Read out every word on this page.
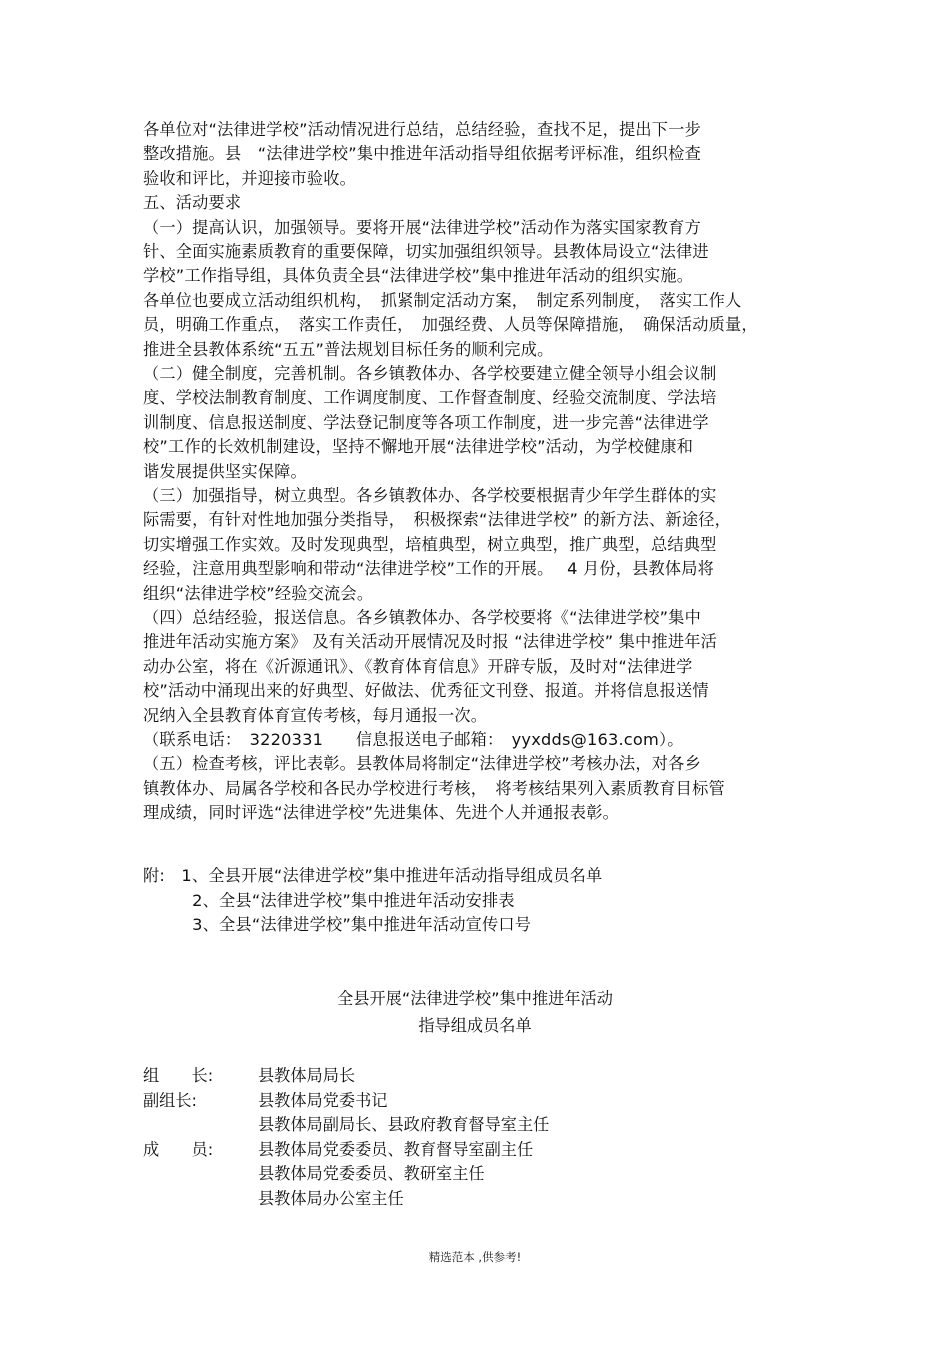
各单位对“法律进学校”活动情况进行总结，总结经验，查找不足，提出下一步
整改措施。县　“法律进学校”集中推进年活动指导组依据考评标准，组织检查
验收和评比，并迎接市验收。
五、活动要求
（一）提高认识，加强领导。要将开展“法律进学校”活动作为落实国家教育方
针、全面实施素质教育的重要保障，切实加强组织领导。县教体局设立“法律进
学校”工作指导组，具体负责全县“法律进学校”集中推进年活动的组织实施。
各单位也要成立活动组织机构，　抓紧制定活动方案，　制定系列制度，　落实工作人
员，明确工作重点，　落实工作责任，　加强经费、人员等保障措施，　确保活动质量，
推进全县教体系统“五五”普法规划目标任务的顺利完成。
（二）健全制度，完善机制。各乡镇教体办、各学校要建立健全领导小组会议制
度、学校法制教育制度、工作调度制度、工作督查制度、经验交流制度、学法培
训制度、信息报送制度、学法登记制度等各项工作制度，进一步完善“法律进学
校”工作的长效机制建设，坚持不懈地开展“法律进学校”活动，为学校健康和
谐发展提供坚实保障。
（三）加强指导，树立典型。各乡镇教体办、各学校要根据青少年学生群体的实
际需要，有针对性地加强分类指导，　积极探索“法律进学校” 的新方法、新途径，
切实增强工作实效。及时发现典型，培植典型，树立典型，推广典型，总结典型
经验，注意用典型影响和带动“法律进学校”工作的开展。　 4 月份，县教体局将
组织“法律进学校”经验交流会。
（四）总结经验，报送信息。各乡镇教体办、各学校要将《“法律进学校”集中
推进年活动实施方案》 及有关活动开展情况及时报 “法律进学校” 集中推进年活
动办公室，将在《沂源通讯》、《教育体育信息》开辟专版，及时对“法律进学
校”活动中涌现出来的好典型、好做法、优秀征文刊登、报道。并将信息报送情
况纳入全县教育体育宣传考核，每月通报一次。
（联系电话：　3220331　　信息报送电子邮箱：　yyxdds@163.com）。
（五）检查考核，评比表彰。县教体局将制定“法律进学校”考核办法，对各乡
镇教体办、局属各学校和各民办学校进行考核，　将考核结果列入素质教育目标管
理成绩，同时评选“法律进学校”先进集体、先进个人并通报表彰。
附:　1、全县开展“法律进学校”集中推进年活动指导组成员名单
　　　2、全县“法律进学校”集中推进年活动安排表
　　　3、全县“法律进学校”集中推进年活动宣传口号
组　　长:	县教体局局长
副组长:	县教体局党委书记
县教体局副局长、县政府教育督导室主任
成　　员:	县教体局党委委员、教育督导室副主任
县教体局党委委员、教研室主任
县教体局办公室主任
全县开展“法律进学校”集中推进年活动
指导组成员名单
精选范本 ,供参考!
